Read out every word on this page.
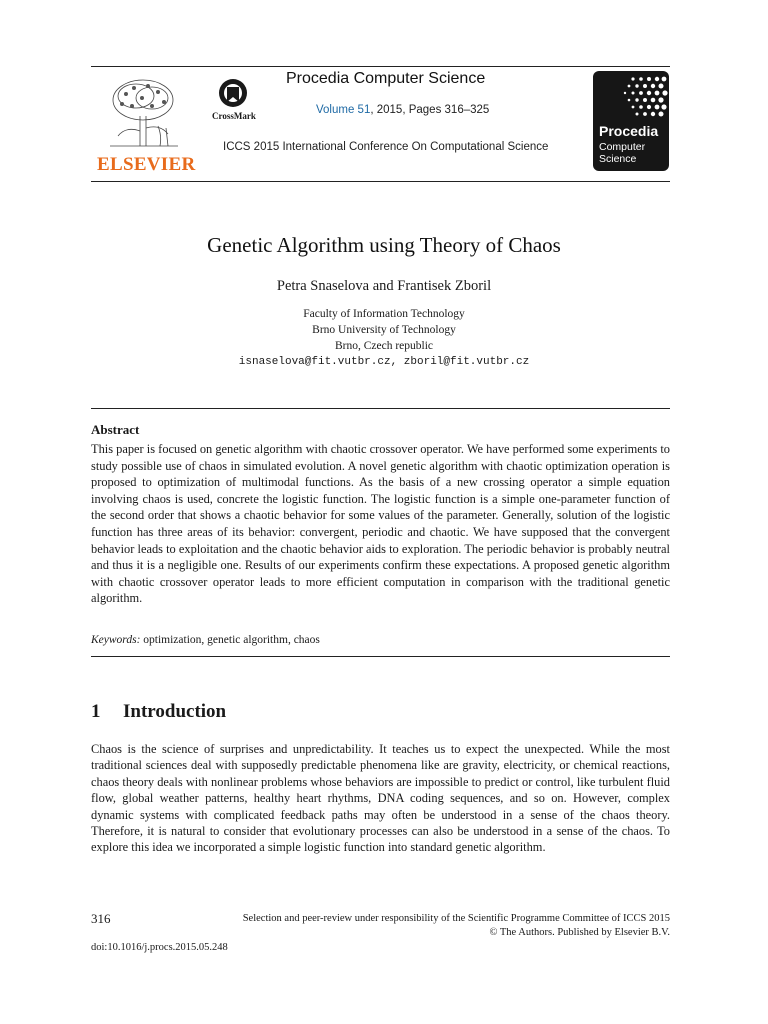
ELSEVIER
CrossMark
Procedia Computer Science
Volume 51, 2015, Pages 316–325
ICCS 2015 International Conference On Computational Science
Procedia
Computer
Science
Genetic Algorithm using Theory of Chaos
Petra Snaselova and Frantisek Zboril
Faculty of Information Technology
Brno University of Technology
Brno, Czech republic
isnaselova@fit.vutbr.cz, zboril@fit.vutbr.cz
Abstract
This paper is focused on genetic algorithm with chaotic crossover operator. We have performed some experiments to study possible use of chaos in simulated evolution. A novel genetic algorithm with chaotic optimization operation is proposed to optimization of multimodal functions. As the basis of a new crossing operator a simple equation involving chaos is used, concrete the logistic function. The logistic function is a simple one-parameter function of the second order that shows a chaotic behavior for some values of the parameter. Generally, solution of the logistic function has three areas of its behavior: convergent, periodic and chaotic. We have supposed that the convergent behavior leads to exploitation and the chaotic behavior aids to exploration. The periodic behavior is probably neutral and thus it is a negligible one. Results of our experiments confirm these expectations. A proposed genetic algorithm with chaotic crossover operator leads to more efficient computation in comparison with the traditional genetic algorithm.
Keywords: optimization, genetic algorithm, chaos
1 Introduction
Chaos is the science of surprises and unpredictability. It teaches us to expect the unexpected. While the most traditional sciences deal with supposedly predictable phenomena like are gravity, electricity, or chemical reactions, chaos theory deals with nonlinear problems whose behaviors are impossible to predict or control, like turbulent fluid flow, global weather patterns, healthy heart rhythms, DNA coding sequences, and so on. However, complex dynamic systems with complicated feedback paths may often be understood in a sense of the chaos theory. Therefore, it is natural to consider that evolutionary processes can also be understood in a sense of the chaos. To explore this idea we incorporated a simple logistic function into standard genetic algorithm.
316	Selection and peer-review under responsibility of the Scientific Programme Committee of ICCS 2015
© The Authors. Published by Elsevier B.V.
doi:10.1016/j.procs.2015.05.248
